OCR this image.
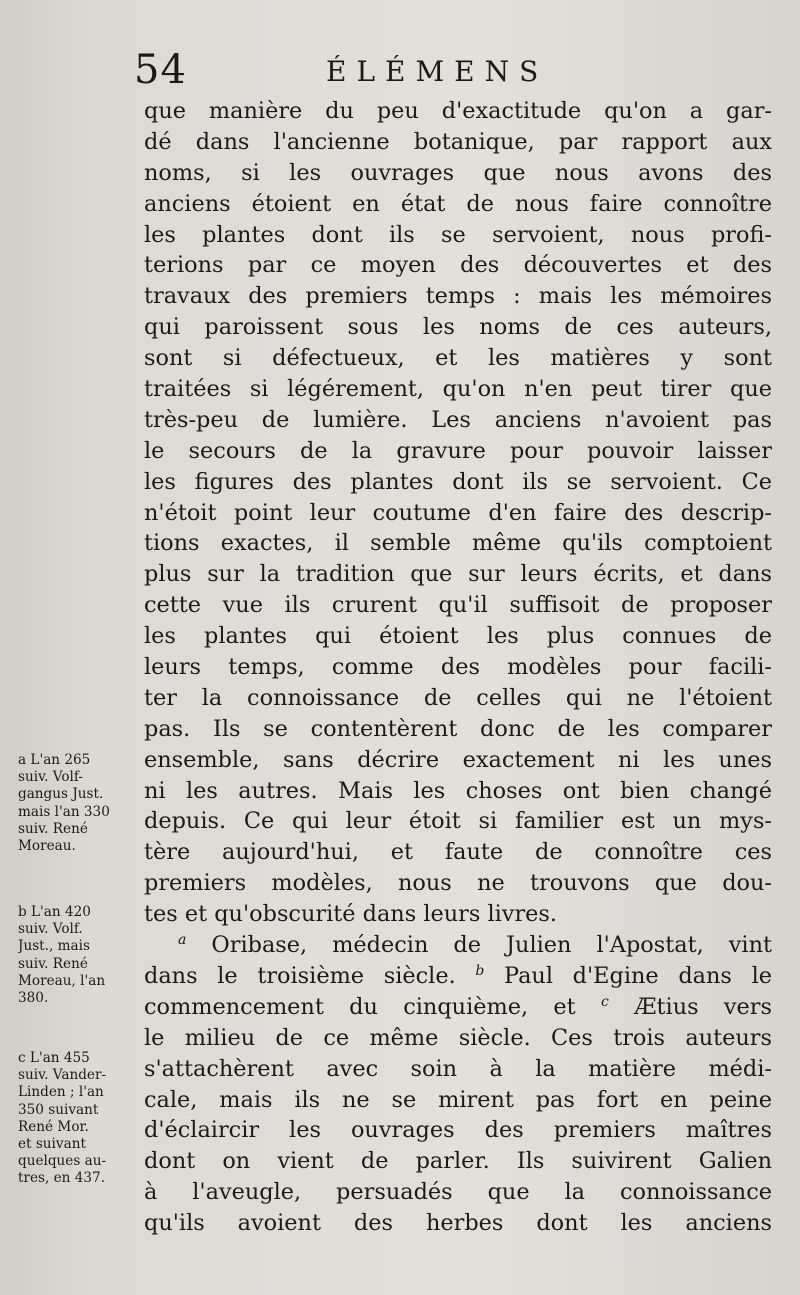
54	ÉLÉMENS
que manière du peu d'exactitude qu'on a gar-
dé dans l'ancienne botanique, par rapport aux
noms, si les ouvrages que nous avons des
anciens étoient en état de nous faire connoître
les plantes dont ils se servoient, nous profi-
terions par ce moyen des découvertes et des
travaux des premiers temps : mais les mémoires
qui paroissent sous les noms de ces auteurs,
sont si défectueux, et les matières y sont
traitées si légérement, qu'on n'en peut tirer que
très-peu de lumière. Les anciens n'avoient pas
le secours de la gravure pour pouvoir laisser
les figures des plantes dont ils se servoient. Ce
n'étoit point leur coutume d'en faire des descrip-
tions exactes, il semble même qu'ils comptoient
plus sur la tradition que sur leurs écrits, et dans
cette vue ils crurent qu'il suffisoit de proposer
les plantes qui étoient les plus connues de
leurs temps, comme des modèles pour facili-
ter la connoissance de celles qui ne l'étoient
pas. Ils se contentèrent donc de les comparer
ensemble, sans décrire exactement ni les unes
ni les autres. Mais les choses ont bien changé
depuis. Ce qui leur étoit si familier est un mys-
tère aujourd'hui, et faute de connoître ces
premiers modèles, nous ne trouvons que dou-
tes et qu'obscurité dans leurs livres.
$^a$ Oribase, médecin de Julien l'Apostat, vint
dans le troisième siècle. $^b$ Paul d'Egine dans le
commencement du cinquième, et $^c$ Ætius vers
le milieu de ce même siècle. Ces trois auteurs
s'attachèrent avec soin à la matière médi-
cale, mais ils ne se mirent pas fort en peine
d'éclaircir les ouvrages des premiers maîtres
dont on vient de parler. Ils suivirent Galien
à l'aveugle, persuadés que la connoissance
qu'ils avoient des herbes dont les anciens
a L'an 265
suiv. Volf-
gangus Just.
mais l'an 330
suiv. René
Moreau.
b L'an 420
suiv. Volf.
Just., mais
suiv. René
Moreau, l'an
380.
c L'an 455
suiv. Vander-
Linden ; l'an
350 suivant
René Mor.
et suivant
quelques au-
tres, en 437.
